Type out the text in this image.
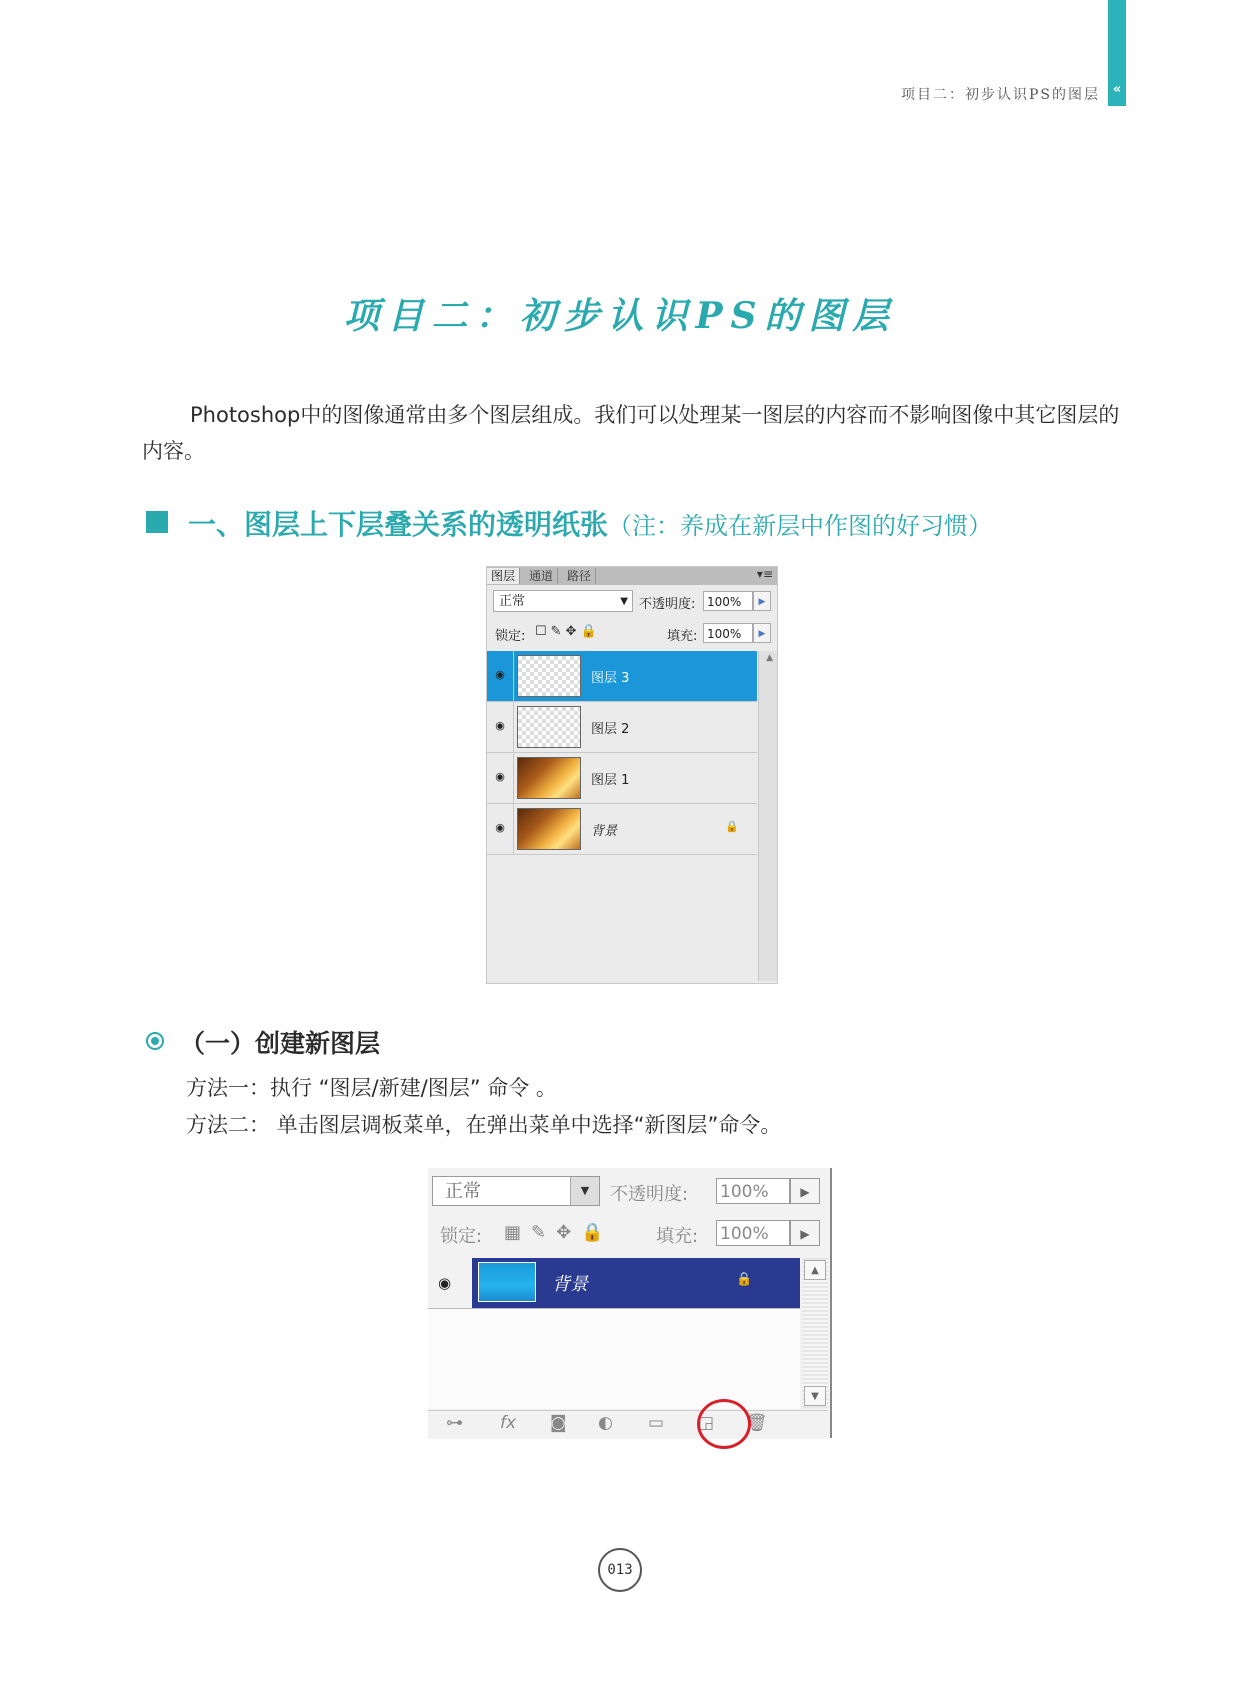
项目二：初步认识PS的图层 «
项目二：初步认识PS的图层
Photoshop中的图像通常由多个图层组成。我们可以处理某一图层的内容而不影响图像中其它图层的内容。
一、图层上下层叠关系的透明纸张（注：养成在新层中作图的好习惯）
图层	通道	路径	▾≡
正常	▼ 不透明度: 100%	▶
锁定: ☐✎✥🔒	填充: 100%	▶
◉	图层 3
◉	图层 2
◉	图层 1
◉	背景	🔒
▲
（一）创建新图层
方法一：执行 “图层/新建/图层” 命令 。
方法二： 单击图层调板菜单，在弹出菜单中选择“新图层”命令。
正常	▼	不透明度: 100%	▶
锁定: ▦✎✥🔒 填充: 100%	▶
◉	背景	🔒
▲
▼
⊶ fx ◙ ◐ ▭ ◲ 🗑
013
